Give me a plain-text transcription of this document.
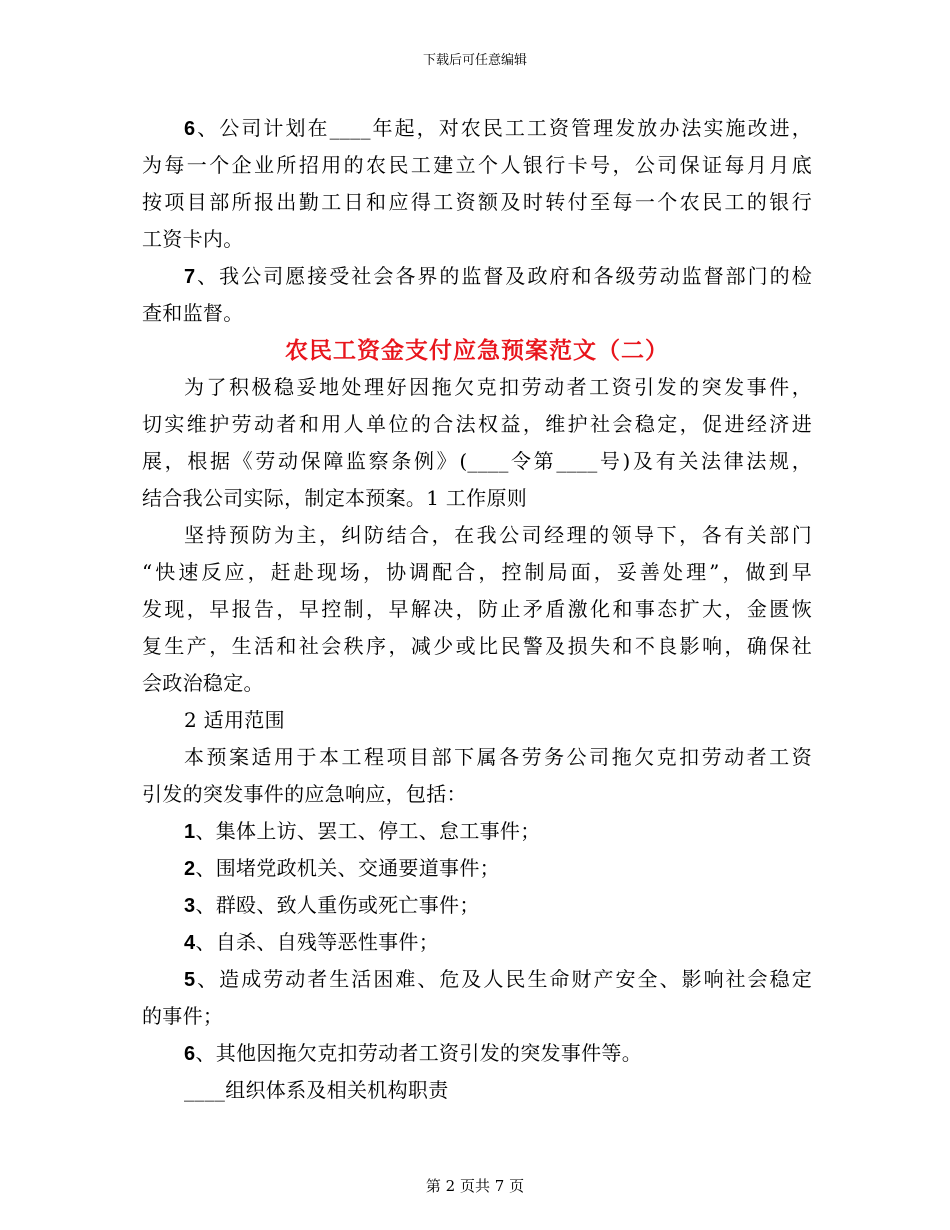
下载后可任意编辑
6、公司计划在____年起，对农民工工资管理发放办法实施改进，
为每一个企业所招用的农民工建立个人银行卡号，公司保证每月月底
按项目部所报出勤工日和应得工资额及时转付至每一个农民工的银行
工资卡内。
7、我公司愿接受社会各界的监督及政府和各级劳动监督部门的检
查和监督。
农民工资金支付应急预案范文（二）
为了积极稳妥地处理好因拖欠克扣劳动者工资引发的突发事件，
切实维护劳动者和用人单位的合法权益，维护社会稳定，促进经济进
展，根据《劳动保障监察条例》(____令第____号)及有关法律法规，
结合我公司实际，制定本预案。1 工作原则
坚持预防为主，纠防结合，在我公司经理的领导下，各有关部门
“快速反应，赶赴现场，协调配合，控制局面，妥善处理”，做到早
发现，早报告，早控制，早解决，防止矛盾激化和事态扩大，金匮恢
复生产，生活和社会秩序，减少或比民警及损失和不良影响，确保社
会政治稳定。
2 适用范围
本预案适用于本工程项目部下属各劳务公司拖欠克扣劳动者工资
引发的突发事件的应急响应，包括：
1、集体上访、罢工、停工、怠工事件；
2、围堵党政机关、交通要道事件；
3、群殴、致人重伤或死亡事件；
4、自杀、自残等恶性事件；
5、造成劳动者生活困难、危及人民生命财产安全、影响社会稳定
的事件；
6、其他因拖欠克扣劳动者工资引发的突发事件等。
____组织体系及相关机构职责
第 2 页共 7 页
